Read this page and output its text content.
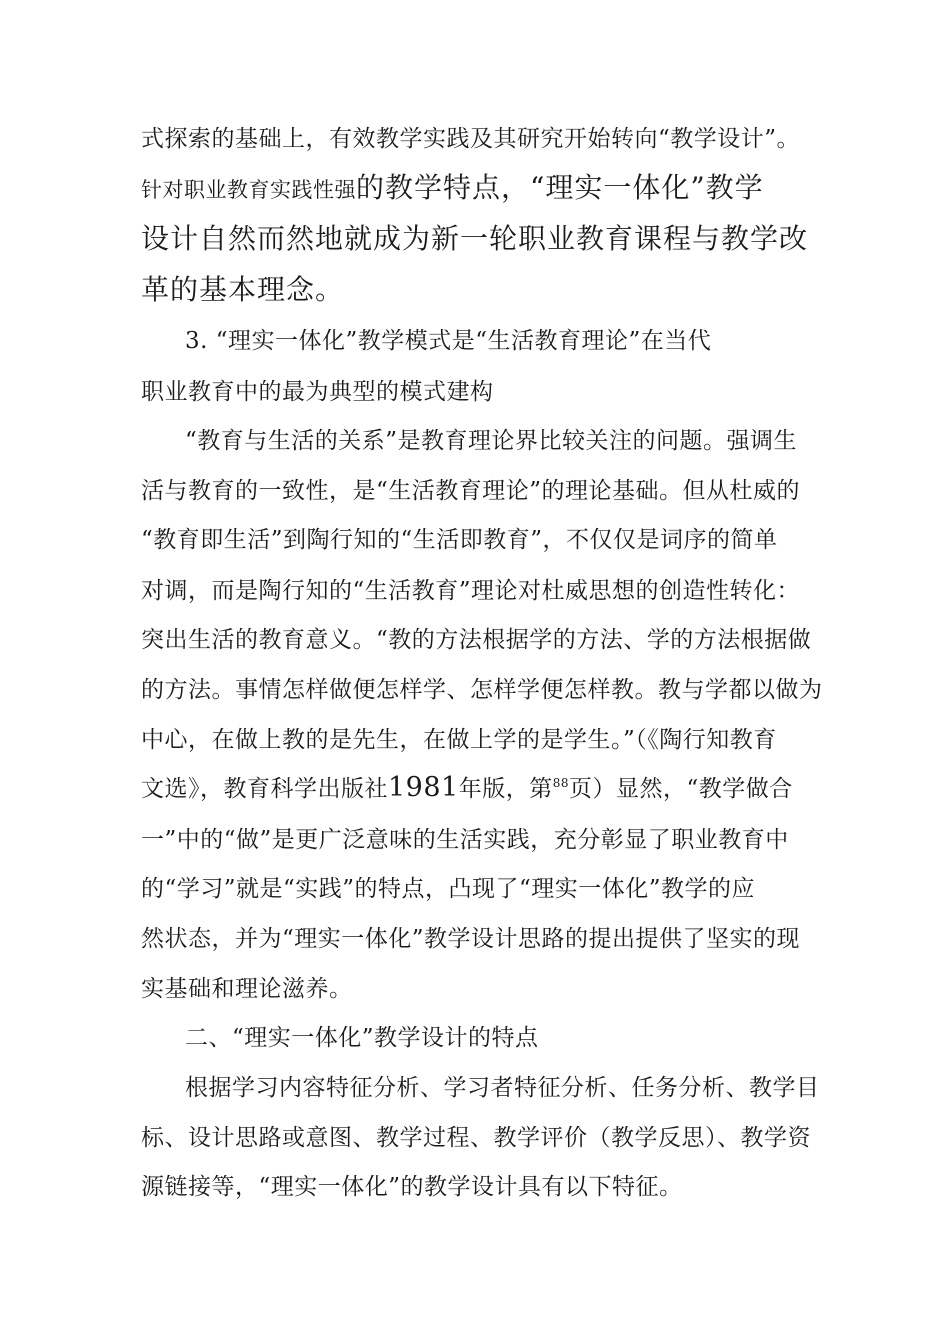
式探索的基础上，有效教学实践及其研究开始转向“教学设计”。
针对职业教育实践性强的教学特点，“理实一体化”教学
设计自然而然地就成为新一轮职业教育课程与教学改
革的基本理念。
3. “理实一体化”教学模式是“生活教育理论”在当代
职业教育中的最为典型的模式建构
“教育与生活的关系”是教育理论界比较关注的问题。强调生
活与教育的一致性，是“生活教育理论”的理论基础。但从杜威的
“教育即生活”到陶行知的“生活即教育”，不仅仅是词序的简单
对调，而是陶行知的“生活教育”理论对杜威思想的创造性转化：
突出生活的教育意义。“教的方法根据学的方法、学的方法根据做
的方法。事情怎样做便怎样学、怎样学便怎样教。教与学都以做为
中心，在做上教的是先生，在做上学的是学生。”（《陶行知教育
文选》，教育科学出版社1981年版，第$^{88}$页）显然，“教学做合
一”中的“做”是更广泛意味的生活实践，充分彰显了职业教育中
的“学习”就是“实践”的特点，凸现了“理实一体化”教学的应
然状态，并为“理实一体化”教学设计思路的提出提供了坚实的现
实基础和理论滋养。
二、“理实一体化”教学设计的特点
根据学习内容特征分析、学习者特征分析、任务分析、教学目
标、设计思路或意图、教学过程、教学评价（教学反思）、教学资
源链接等，“理实一体化”的教学设计具有以下特征。
